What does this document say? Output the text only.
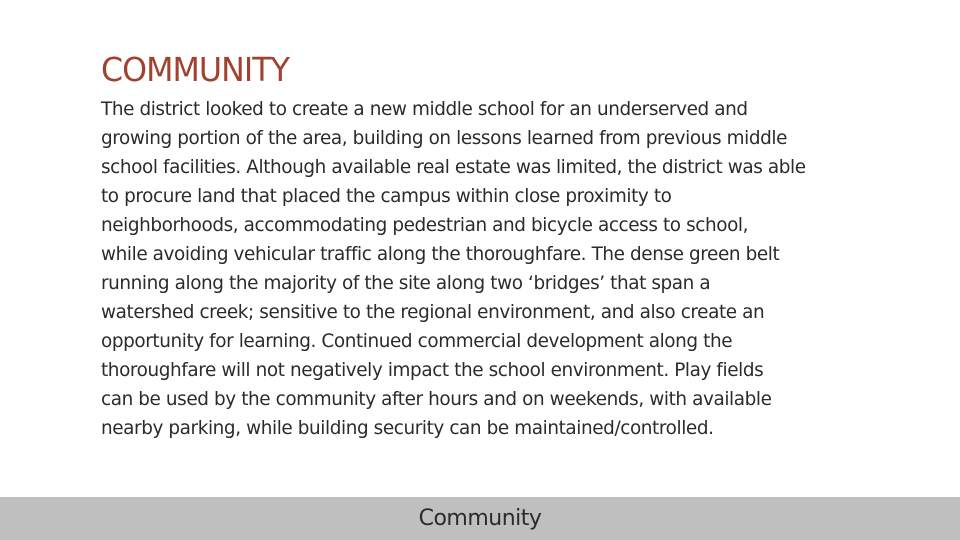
COMMUNITY

The district looked to create a new middle school for an underserved and
growing portion of the area, building on lessons learned from previous middle
school facilities. Although available real estate was limited, the district was able
to procure land that placed the campus within close proximity to
neighborhoods, accommodating pedestrian and bicycle access to school,
while avoiding vehicular traffic along the thoroughfare. The dense green belt
running along the majority of the site along two ‘bridges’ that span a
watershed creek; sensitive to the regional environment, and also create an
opportunity for learning. Continued commercial development along the
thoroughfare will not negatively impact the school environment. Play fields
can be used by the community after hours and on weekends, with available
nearby parking, while building security can be maintained/controlled.

Community
